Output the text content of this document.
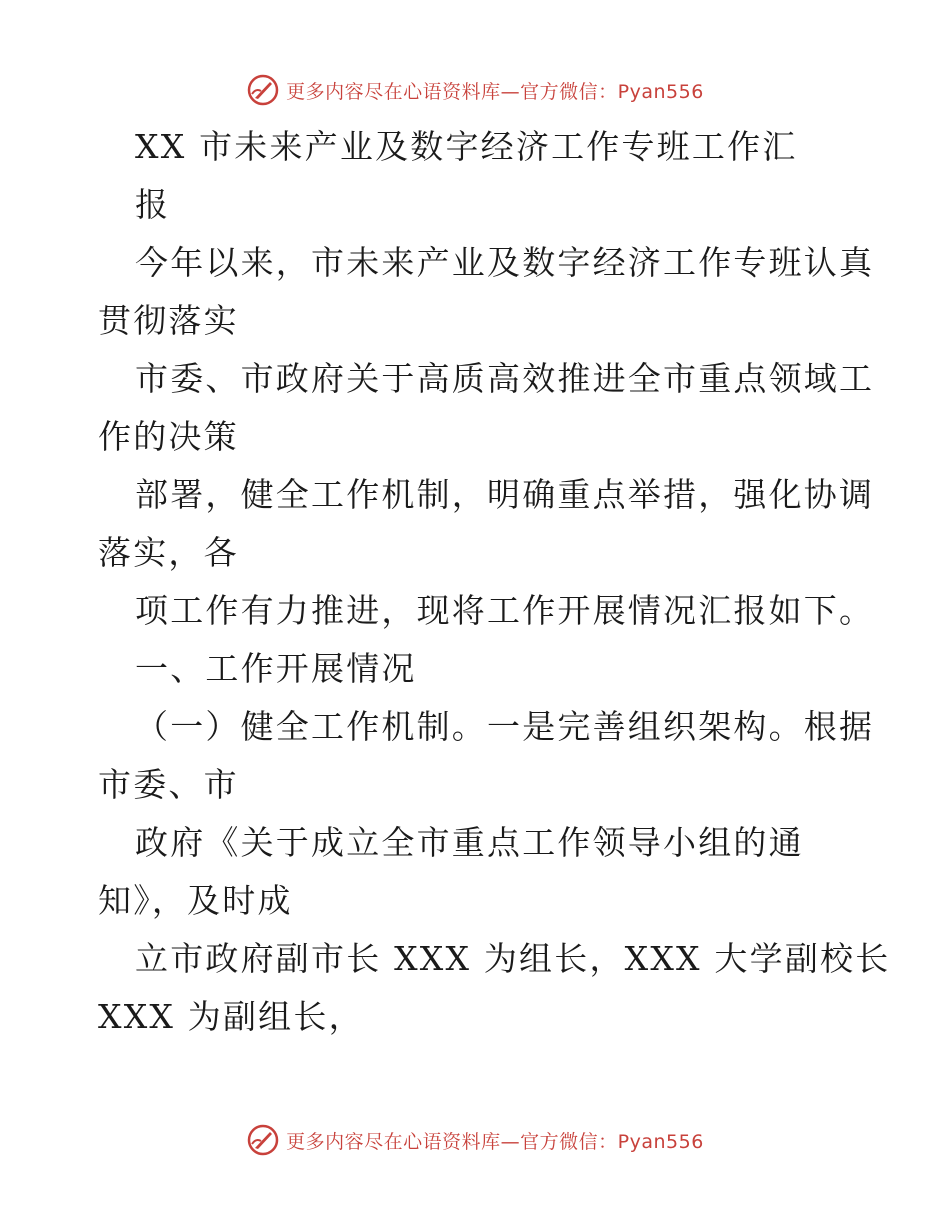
更多内容尽在心语资料库—官方微信：Pyan556
XX 市未来产业及数字经济工作专班工作汇
报
今年以来，市未来产业及数字经济工作专班认真
贯彻落实
市委、市政府关于高质高效推进全市重点领域工
作的决策
部署，健全工作机制，明确重点举措，强化协调
落实，各
项工作有力推进，现将工作开展情况汇报如下。
一、工作开展情况
（一）健全工作机制。一是完善组织架构。根据
市委、市
政府《关于成立全市重点工作领导小组的通
知》，及时成
立市政府副市长 XXX 为组长，XXX 大学副校长
XXX 为副组长，
更多内容尽在心语资料库—官方微信：Pyan556
